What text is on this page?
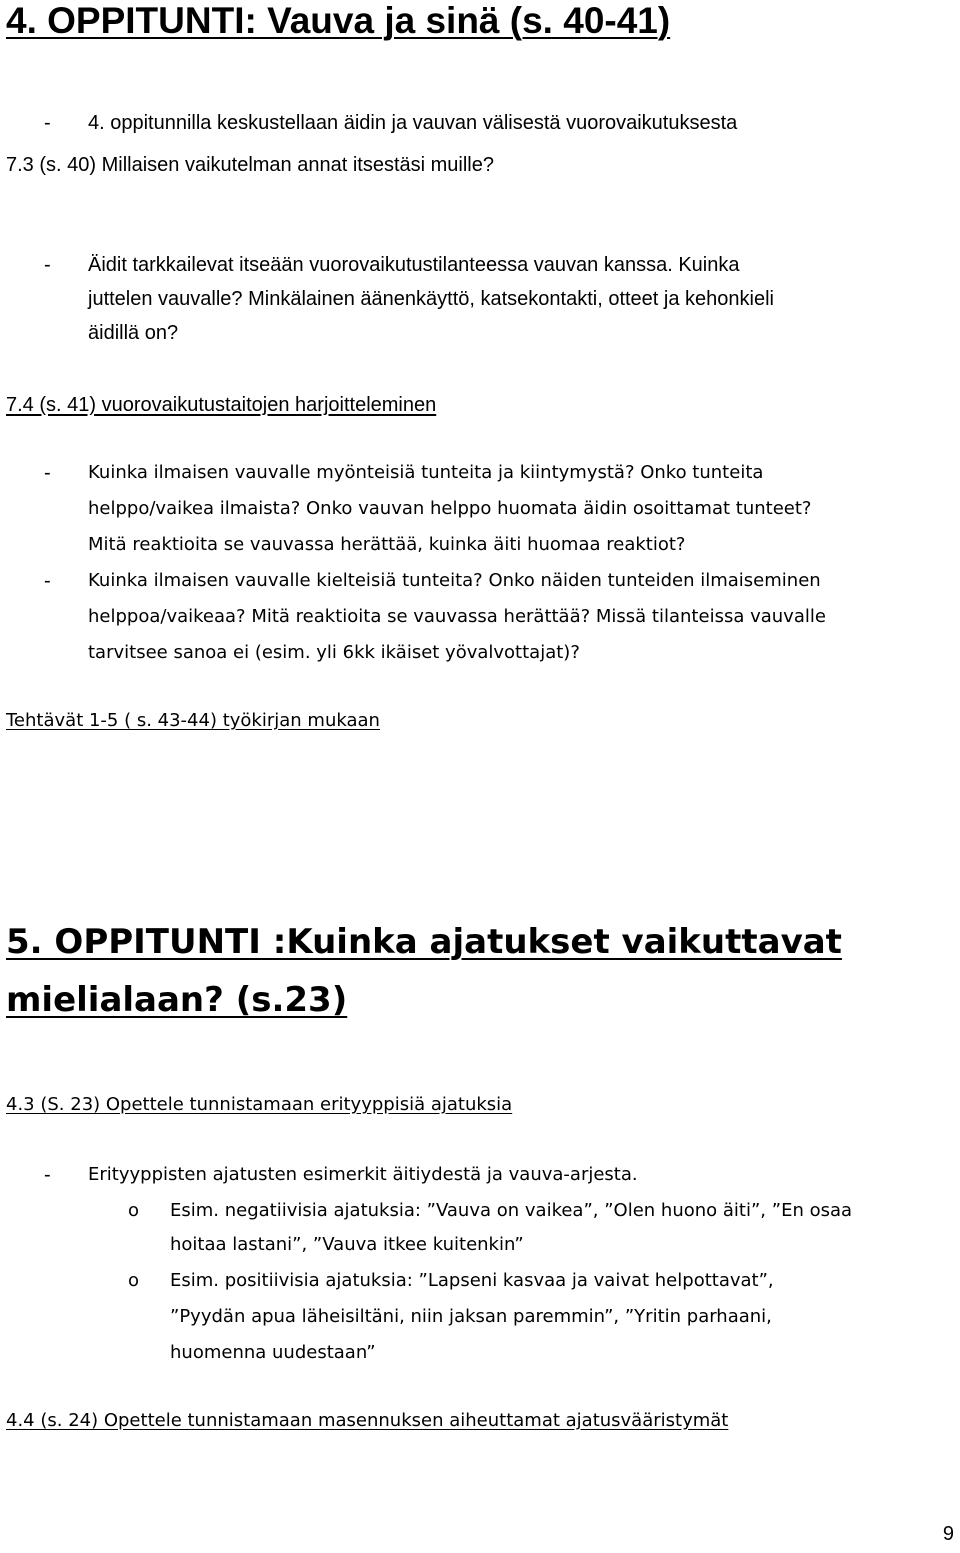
4. OPPITUNTI: Vauva ja sinä (s. 40-41)
- 4. oppitunnilla keskustellaan äidin ja vauvan välisestä vuorovaikutuksesta

7.3 (s. 40) Millaisen vaikutelman annat itsestäsi muille?

- Äidit tarkkailevat itseään vuorovaikutustilanteessa vauvan kanssa. Kuinka

juttelen vauvalle? Minkälainen äänenkäyttö, katsekontakti, otteet ja kehonkieli

äidillä on?

7.4 (s. 41) vuorovaikutustaitojen harjoitteleminen

- Kuinka ilmaisen vauvalle myönteisiä tunteita ja kiintymystä? Onko tunteita

helppo/vaikea ilmaista? Onko vauvan helppo huomata äidin osoittamat tunteet?

Mitä reaktioita se vauvassa herättää, kuinka äiti huomaa reaktiot?

- Kuinka ilmaisen vauvalle kielteisiä tunteita? Onko näiden tunteiden ilmaiseminen

helppoa/vaikeaa? Mitä reaktioita se vauvassa herättää? Missä tilanteissa vauvalle

tarvitsee sanoa ei (esim. yli 6kk ikäiset yövalvottajat)?

Tehtävät 1-5 ( s. 43-44) työkirjan mukaan

5. OPPITUNTI :Kuinka ajatukset vaikuttavat
mielialaan? (s.23)

4.3 (S. 23) Opettele tunnistamaan erityyppisiä ajatuksia

- Erityyppisten ajatusten esimerkit äitiydestä ja vauva-arjesta.

o Esim. negatiivisia ajatuksia: ”Vauva on vaikea”, ”Olen huono äiti”, ”En osaa

hoitaa lastani”, ”Vauva itkee kuitenkin”

o Esim. positiivisia ajatuksia: ”Lapseni kasvaa ja vaivat helpottavat”,

”Pyydän apua läheisiltäni, niin jaksan paremmin”, ”Yritin parhaani,

huomenna uudestaan”

4.4 (s. 24) Opettele tunnistamaan masennuksen aiheuttamat ajatusvääristymät

9
